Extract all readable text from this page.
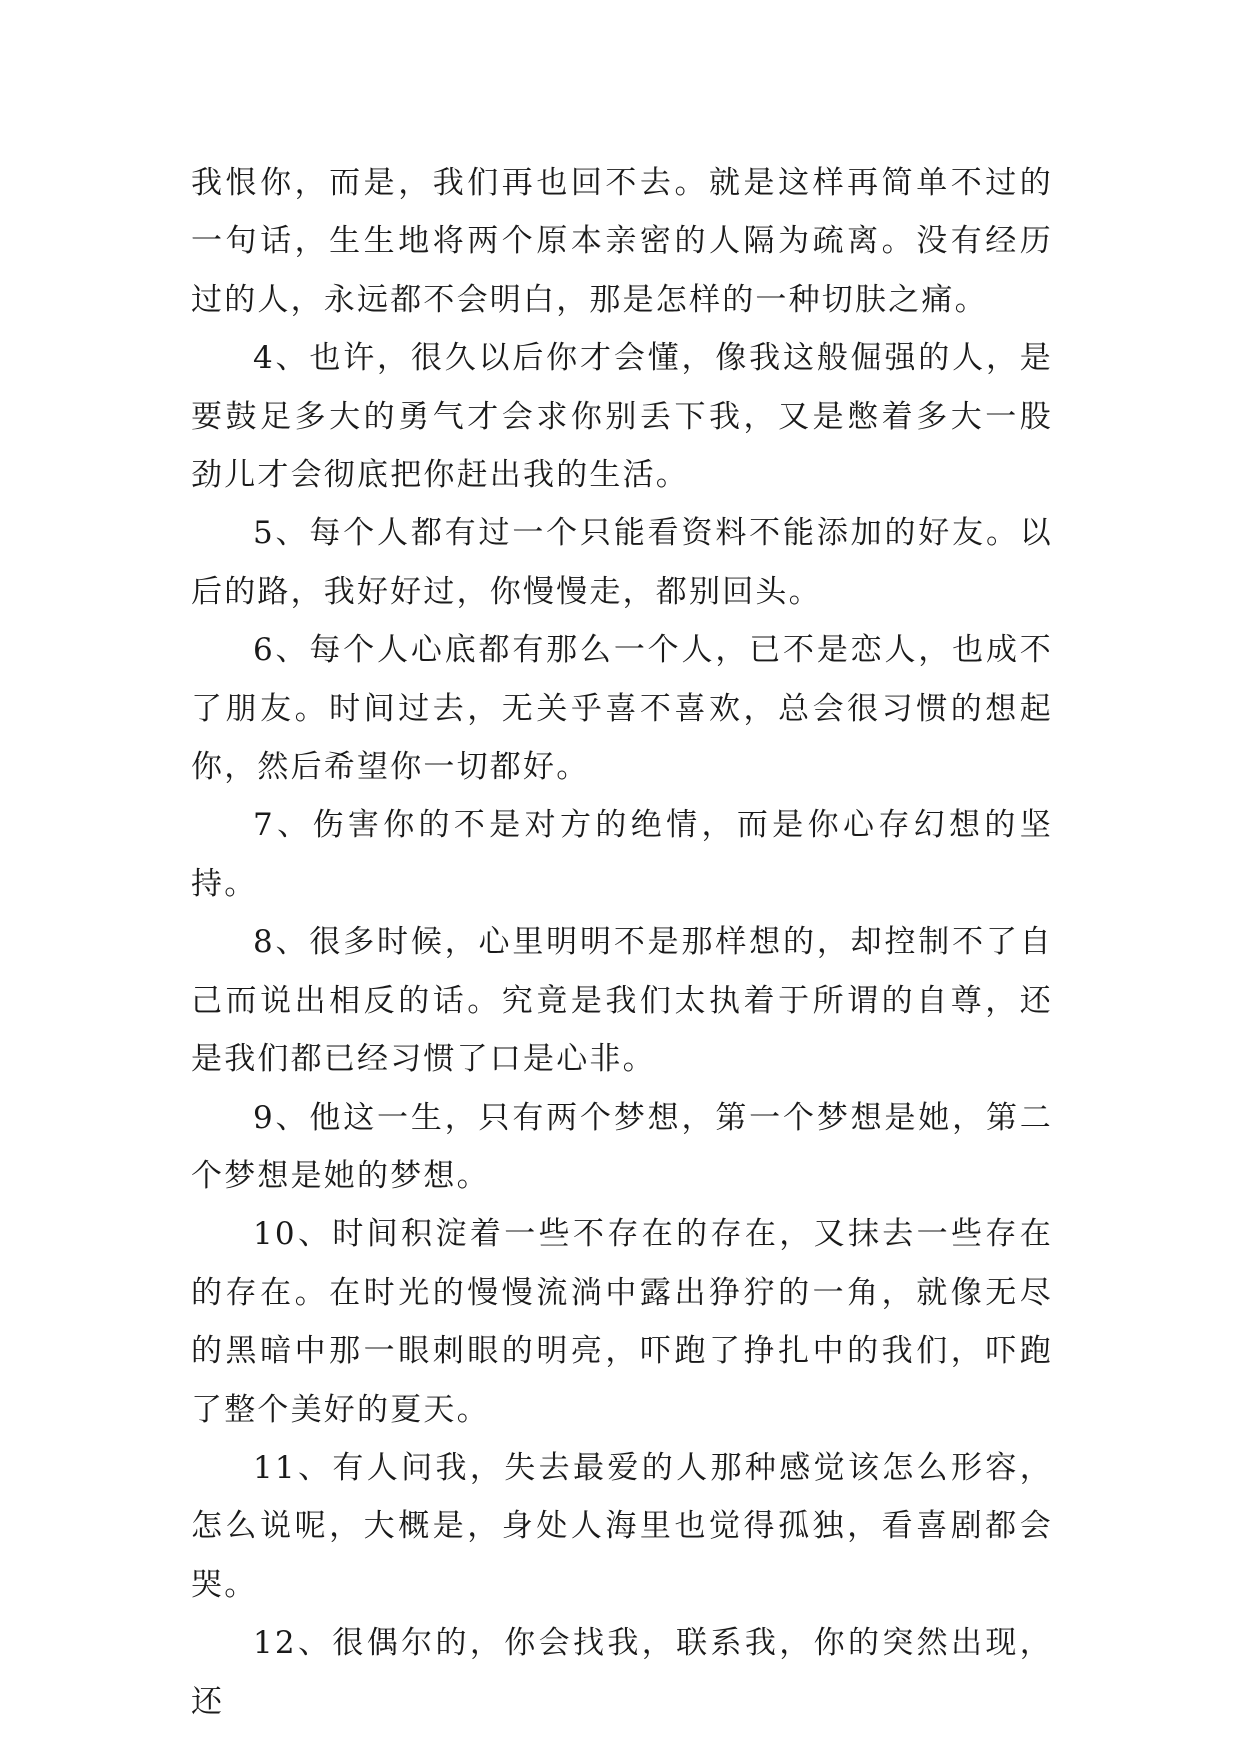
我恨你，而是，我们再也回不去。就是这样再简单不过的一句话，生生地将两个原本亲密的人隔为疏离。没有经历过的人，永远都不会明白，那是怎样的一种切肤之痛。

4、也许，很久以后你才会懂，像我这般倔强的人，是要鼓足多大的勇气才会求你别丢下我，又是憋着多大一股劲儿才会彻底把你赶出我的生活。

5、每个人都有过一个只能看资料不能添加的好友。以后的路，我好好过，你慢慢走，都别回头。

6、每个人心底都有那么一个人，已不是恋人，也成不了朋友。时间过去，无关乎喜不喜欢，总会很习惯的想起你，然后希望你一切都好。

7、伤害你的不是对方的绝情，而是你心存幻想的坚持。

8、很多时候，心里明明不是那样想的，却控制不了自己而说出相反的话。究竟是我们太执着于所谓的自尊，还是我们都已经习惯了口是心非。

9、他这一生，只有两个梦想，第一个梦想是她，第二个梦想是她的梦想。

10、时间积淀着一些不存在的存在，又抹去一些存在的存在。在时光的慢慢流淌中露出狰狞的一角，就像无尽的黑暗中那一眼刺眼的明亮，吓跑了挣扎中的我们，吓跑了整个美好的夏天。

11、有人问我，失去最爱的人那种感觉该怎么形容，怎么说呢，大概是，身处人海里也觉得孤独，看喜剧都会哭。

12、很偶尔的，你会找我，联系我，你的突然出现，还
